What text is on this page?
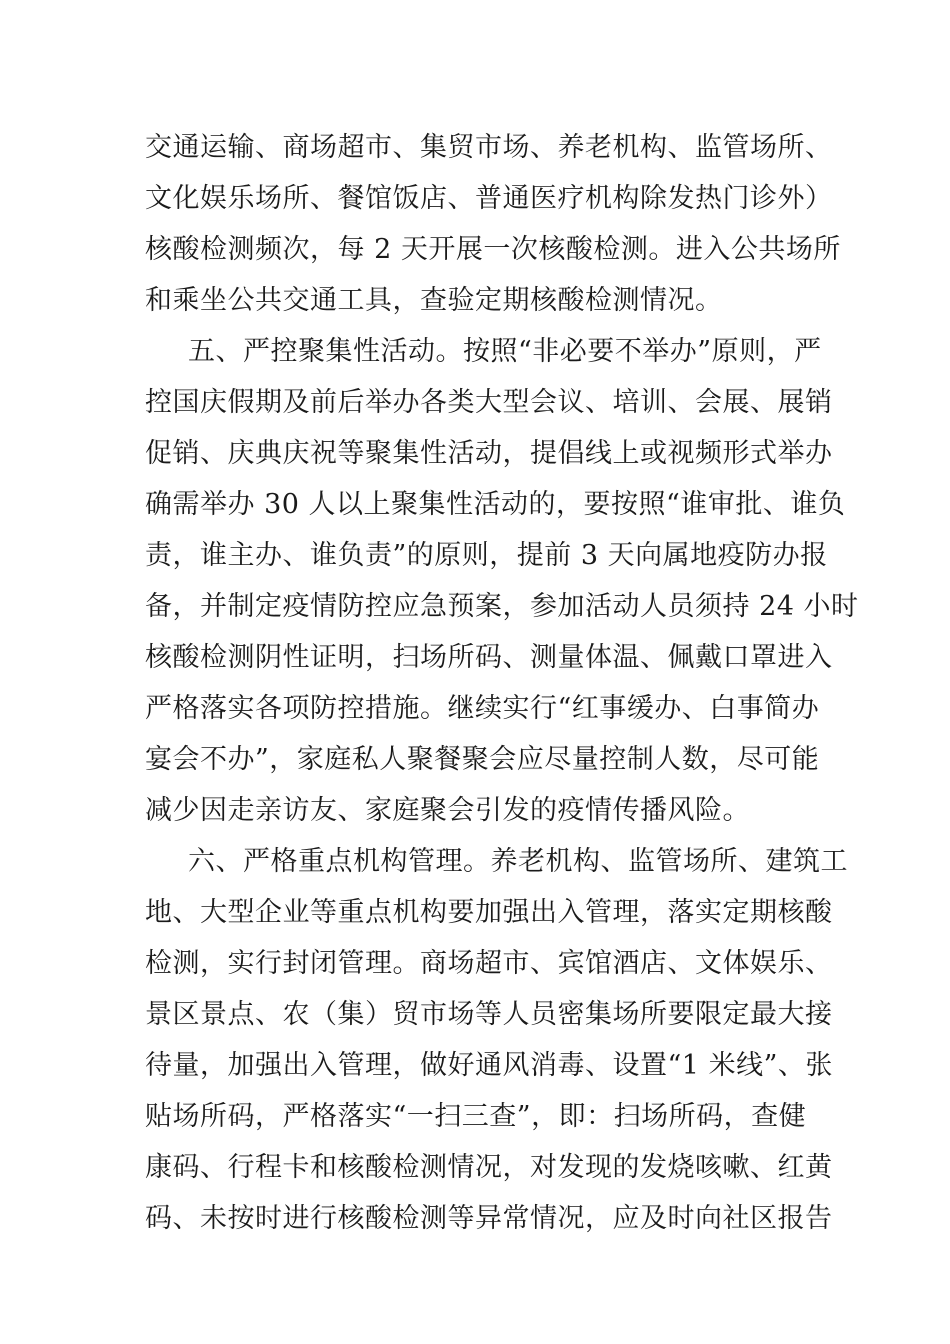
交通运输、商场超市、集贸市场、养老机构、监管场所、
文化娱乐场所、餐馆饭店、普通医疗机构除发热门诊外）
核酸检测频次，每 2 天开展一次核酸检测。进入公共场所
和乘坐公共交通工具，查验定期核酸检测情况。
五、严控聚集性活动。按照“非必要不举办”原则，严
控国庆假期及前后举办各类大型会议、培训、会展、展销
促销、庆典庆祝等聚集性活动，提倡线上或视频形式举办
确需举办 30 人以上聚集性活动的，要按照“谁审批、谁负
责，谁主办、谁负责”的原则，提前 3 天向属地疫防办报
备，并制定疫情防控应急预案，参加活动人员须持 24 小时
核酸检测阴性证明，扫场所码、测量体温、佩戴口罩进入
严格落实各项防控措施。继续实行“红事缓办、白事简办
宴会不办”，家庭私人聚餐聚会应尽量控制人数，尽可能
减少因走亲访友、家庭聚会引发的疫情传播风险。
六、严格重点机构管理。养老机构、监管场所、建筑工
地、大型企业等重点机构要加强出入管理，落实定期核酸
检测，实行封闭管理。商场超市、宾馆酒店、文体娱乐、
景区景点、农（集）贸市场等人员密集场所要限定最大接
待量，加强出入管理，做好通风消毒、设置“1 米线”、张
贴场所码，严格落实“一扫三查”，即：扫场所码，查健
康码、行程卡和核酸检测情况，对发现的发烧咳嗽、红黄
码、未按时进行核酸检测等异常情况，应及时向社区报告
